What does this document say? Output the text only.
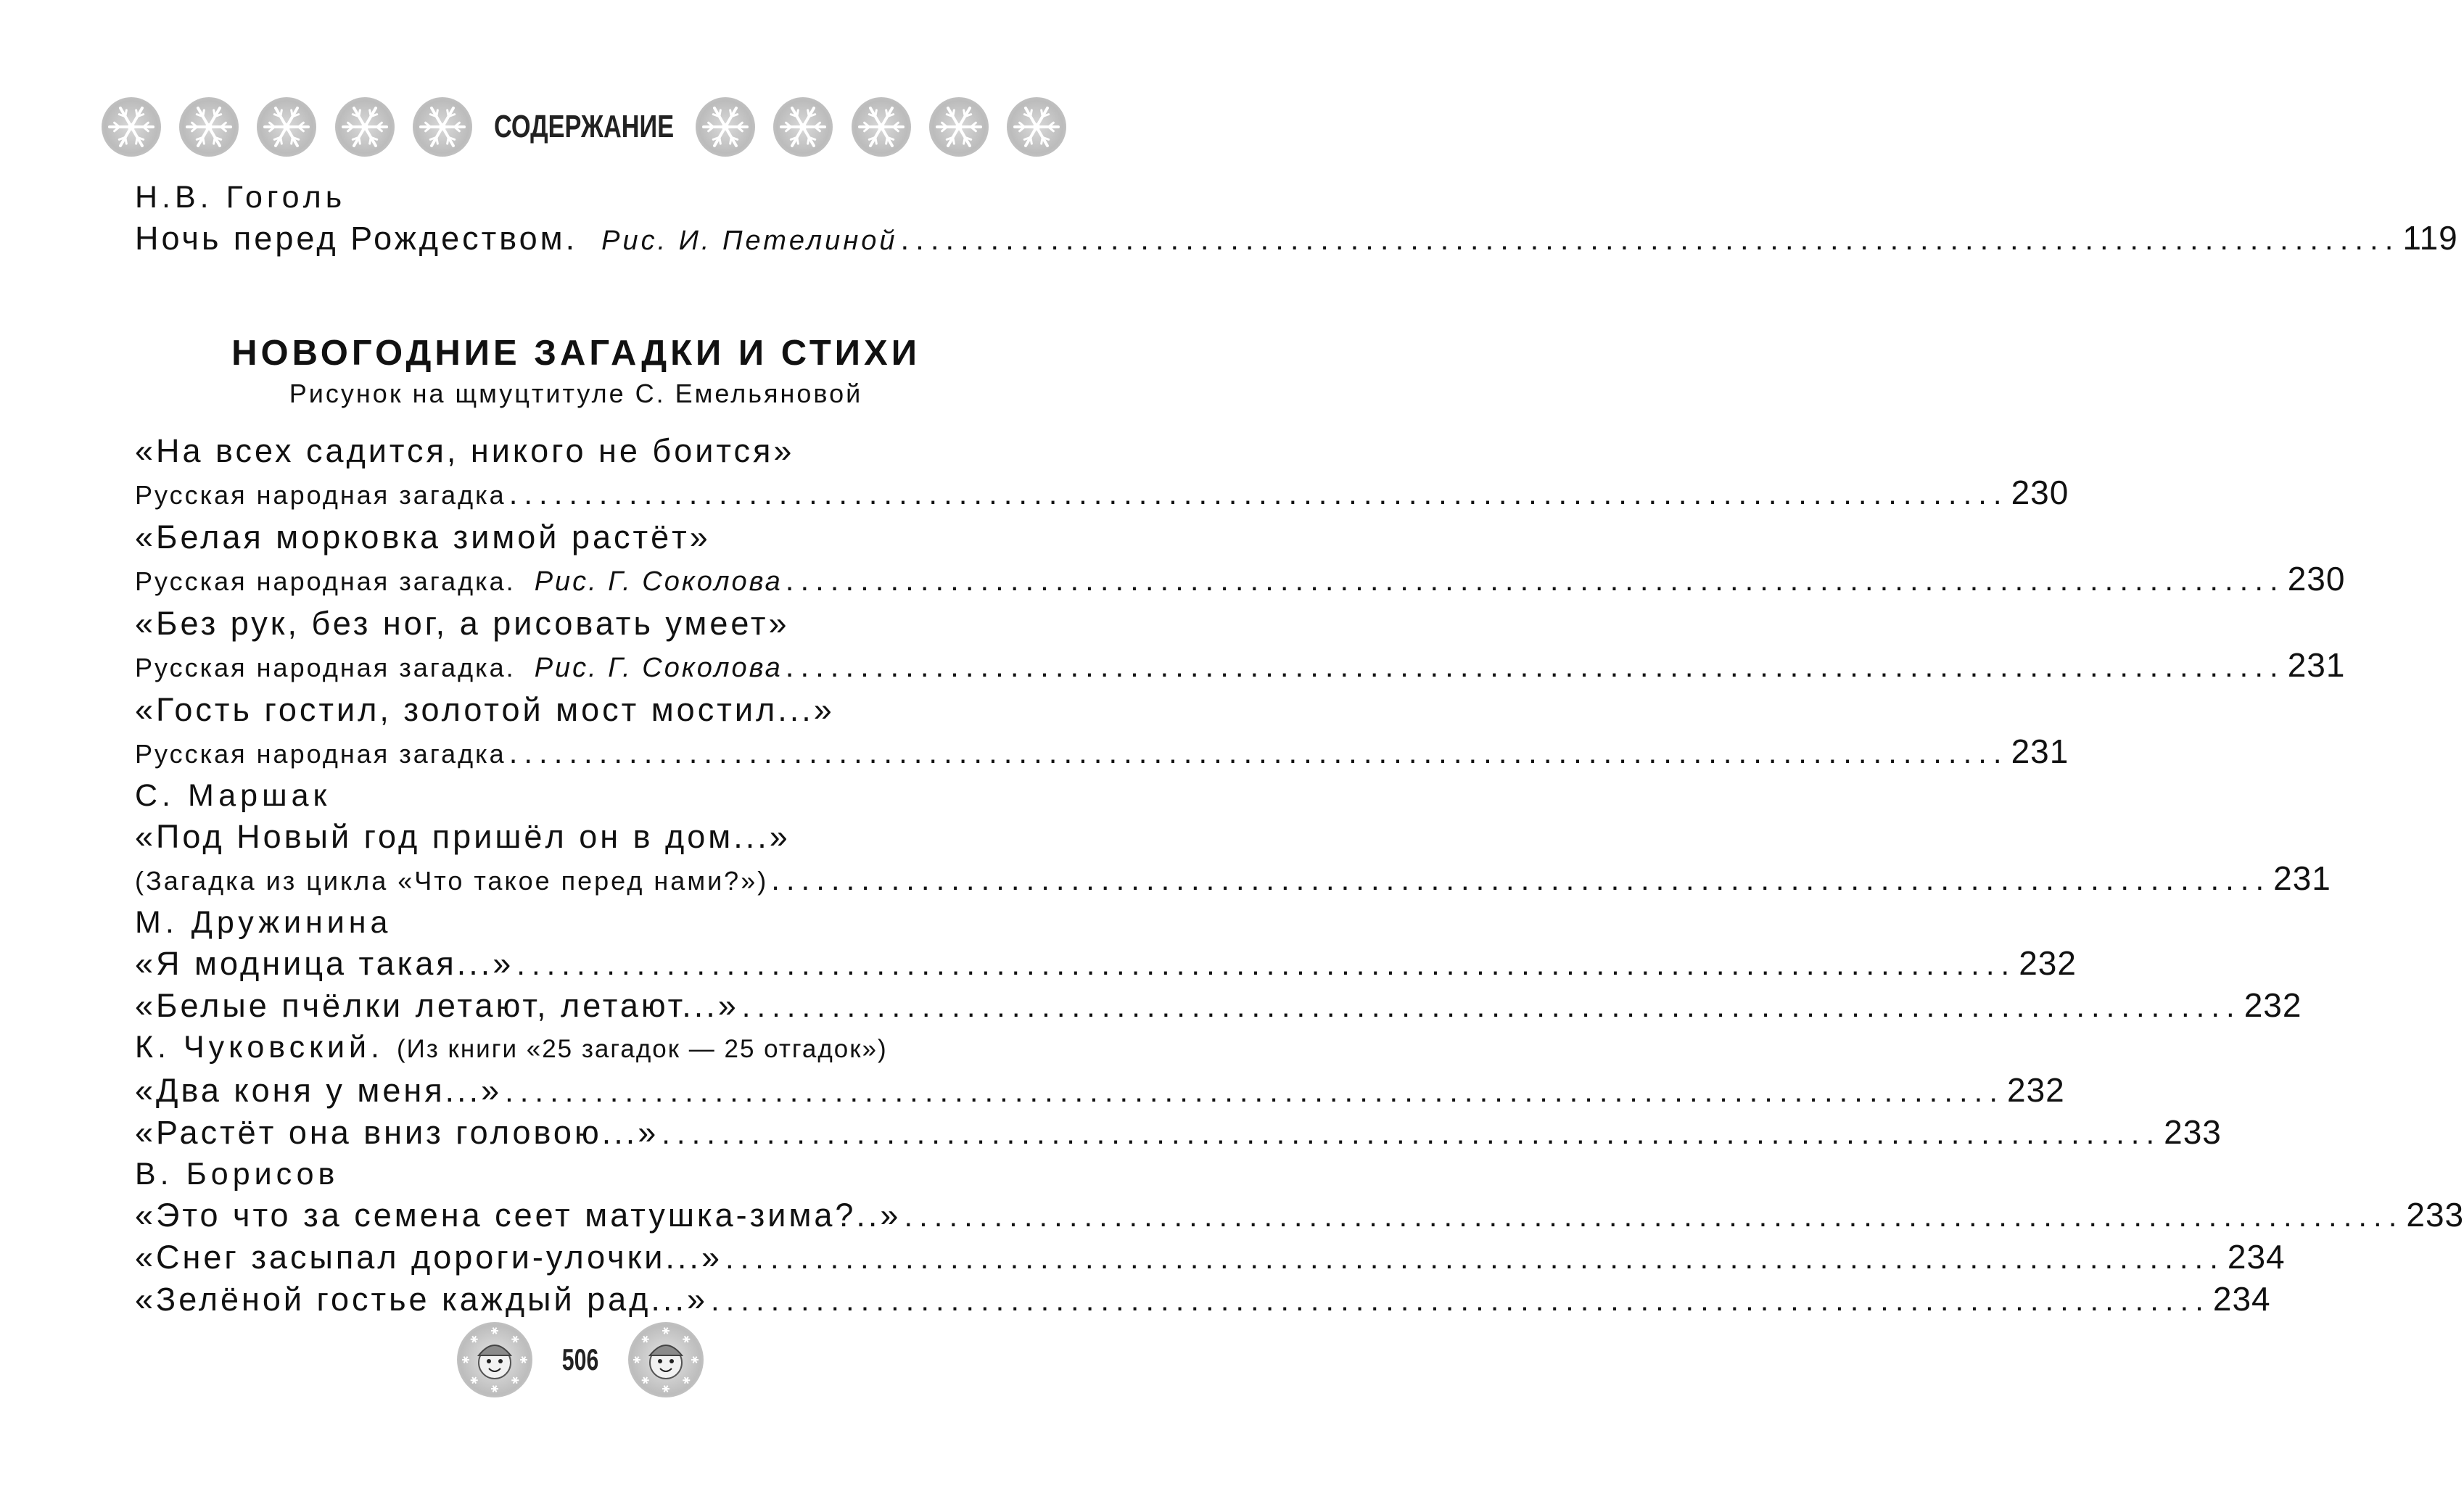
СОДЕРЖАНИЕ
Н.В. Гоголь
Ночь перед Рождеством. Рис. И. Петелиной .................................................................................................... 119
НОВОГОДНИЕ ЗАГАДКИ И СТИХИ
Рисунок на щмуцтитуле С. Емельяновой
«На всех садится, никого не боится»
Русская народная загадка .................................................................................................... 230
«Белая морковка зимой растёт»
Русская народная загадка. Рис. Г. Соколова .................................................................................................... 230
«Без рук, без ног, а рисовать умеет»
Русская народная загадка. Рис. Г. Соколова .................................................................................................... 231
«Гость гостил, золотой мост мостил...»
Русская народная загадка .................................................................................................... 231
С. Маршак
«Под Новый год пришёл он в дом...»
(Загадка из цикла «Что такое перед нами?») .................................................................................................... 231
М. Дружинина
«Я модница такая...» .................................................................................................... 232
«Белые пчёлки летают, летают...» .................................................................................................... 232
К. Чуковский. (Из книги «25 загадок — 25 отгадок»)
«Два коня у меня...» .................................................................................................... 232
«Растёт она вниз головою...» .................................................................................................... 233
В. Борисов
«Это что за семена сеет матушка-зима?..» .................................................................................................... 233
«Снег засыпал дороги-улочки...» .................................................................................................... 234
«Зелёной гостье каждый рад...» .................................................................................................... 234
506
